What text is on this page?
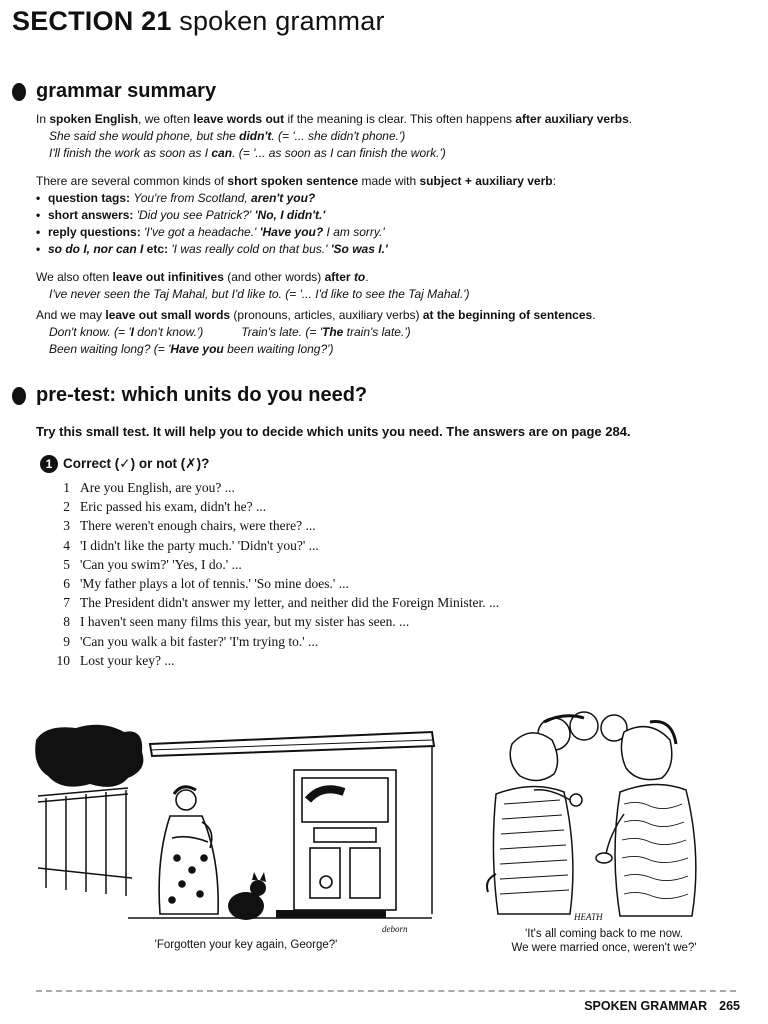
SECTION 21 spoken grammar
grammar summary

In spoken English, we often leave words out if the meaning is clear. This often happens after auxiliary verbs.

She said she would phone, but she didn't. (= '... she didn't phone.')

I'll finish the work as soon as I can. (= '... as soon as I can finish the work.')

There are several common kinds of short spoken sentence made with subject + auxiliary verb:

• question tags: You're from Scotland, aren't you?
• short answers: 'Did you see Patrick?' 'No, I didn't.'
• reply questions: 'I've got a headache.' 'Have you? I am sorry.'
• so do I, nor can I etc: 'I was really cold on that bus.' 'So was I.'

We also often leave out infinitives (and other words) after to.

I've never seen the Taj Mahal, but I'd like to. (= '... I'd like to see the Taj Mahal.')

And we may leave out small words (pronouns, articles, auxiliary verbs) at the beginning of sentences.

Don't know. (= 'I don't know.')	Train's late. (= 'The train's late.')

Been waiting long? (= 'Have you been waiting long?')

pre-test: which units do you need?
Try this small test. It will help you to decide which units you need. The answers are on page 284.
1 Correct (✓) or not (✗)?
1 Are you English, are you? ...
2 Eric passed his exam, didn't he? ...
3 There weren't enough chairs, were there? ...
4 'I didn't like the party much.' 'Didn't you?' ...
5 'Can you swim?' 'Yes, I do.' ...
6 'My father plays a lot of tennis.' 'So mine does.' ...
7 The President didn't answer my letter, and neither did the Foreign Minister. ...
8 I haven't seen many films this year, but my sister has seen. ...
9 'Can you walk a bit faster?' 'I'm trying to.' ...
10 Lost your key? ...
deborn
'Forgotten your key again, George?'
HEATH
'It's all coming back to me now.
We were married once, weren't we?'
SPOKEN GRAMMAR 265
